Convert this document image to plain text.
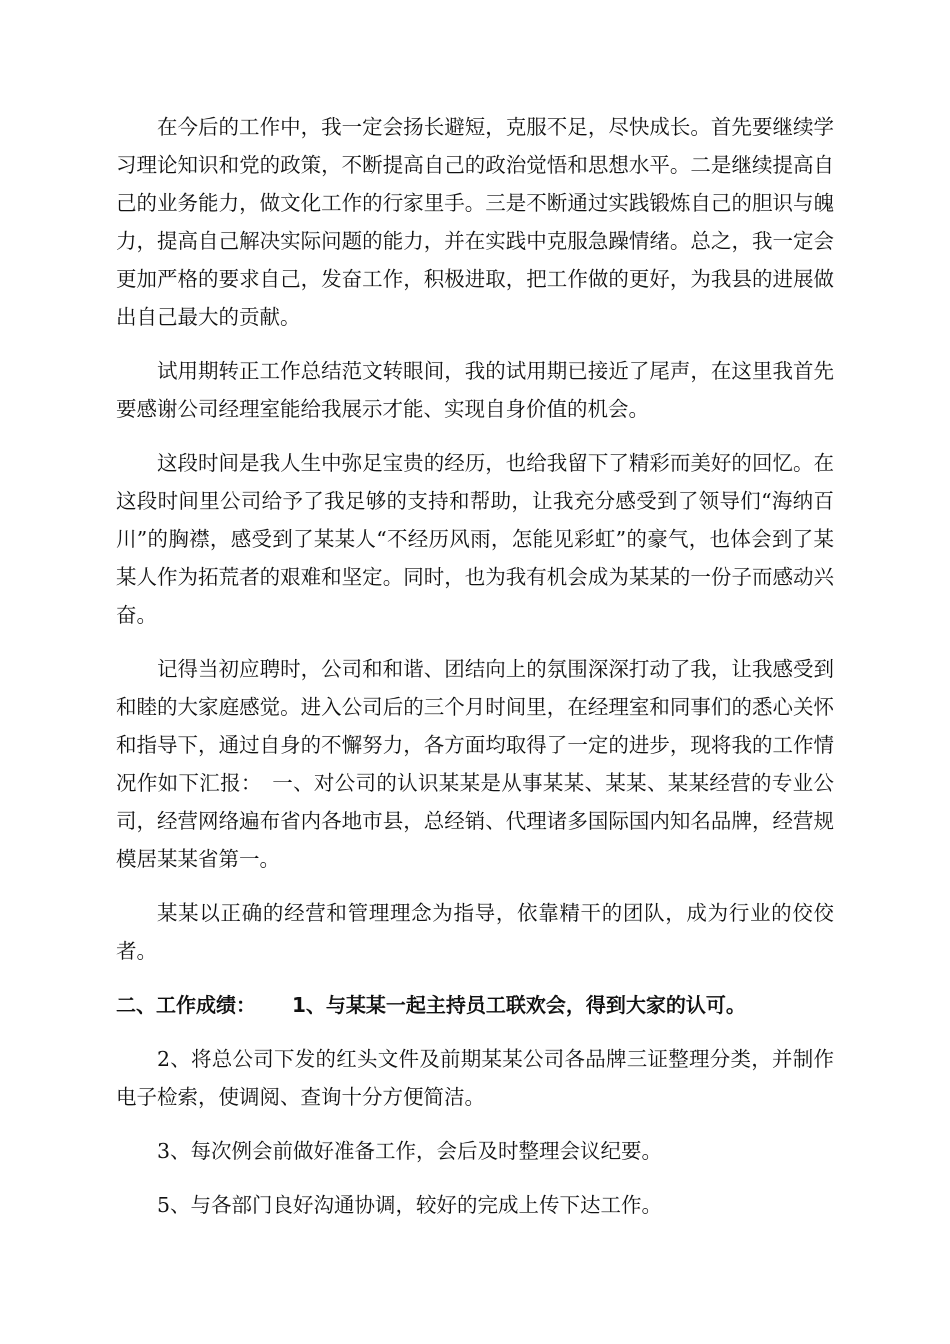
在今后的工作中，我一定会扬长避短，克服不足，尽快成长。首先要继续学习理论知识和党的政策，不断提高自己的政治觉悟和思想水平。二是继续提高自己的业务能力，做文化工作的行家里手。三是不断通过实践锻炼自己的胆识与魄力，提高自己解决实际问题的能力，并在实践中克服急躁情绪。总之，我一定会更加严格的要求自己，发奋工作，积极进取，把工作做的更好，为我县的进展做出自己最大的贡献。

试用期转正工作总结范文转眼间，我的试用期已接近了尾声，在这里我首先要感谢公司经理室能给我展示才能、实现自身价值的机会。

这段时间是我人生中弥足宝贵的经历，也给我留下了精彩而美好的回忆。在这段时间里公司给予了我足够的支持和帮助，让我充分感受到了领导们“海纳百川”的胸襟，感受到了某某人“不经历风雨，怎能见彩虹”的豪气，也体会到了某某人作为拓荒者的艰难和坚定。同时，也为我有机会成为某某的一份子而感动兴奋。

记得当初应聘时，公司和和谐、团结向上的氛围深深打动了我，让我感受到和睦的大家庭感觉。进入公司后的三个月时间里，在经理室和同事们的悉心关怀和指导下，通过自身的不懈努力，各方面均取得了一定的进步，现将我的工作情况作如下汇报：　一、对公司的认识某某是从事某某、某某、某某经营的专业公司，经营网络遍布省内各地市县，总经销、代理诸多国际国内知名品牌，经营规模居某某省第一。

某某以正确的经营和管理理念为指导，依靠精干的团队，成为行业的佼佼者。

二、工作成绩： 1、与某某一起主持员工联欢会，得到大家的认可。

2、将总公司下发的红头文件及前期某某公司各品牌三证整理分类，并制作电子检索，使调阅、查询十分方便简洁。

3、每次例会前做好准备工作，会后及时整理会议纪要。

5、与各部门良好沟通协调，较好的完成上传下达工作。
